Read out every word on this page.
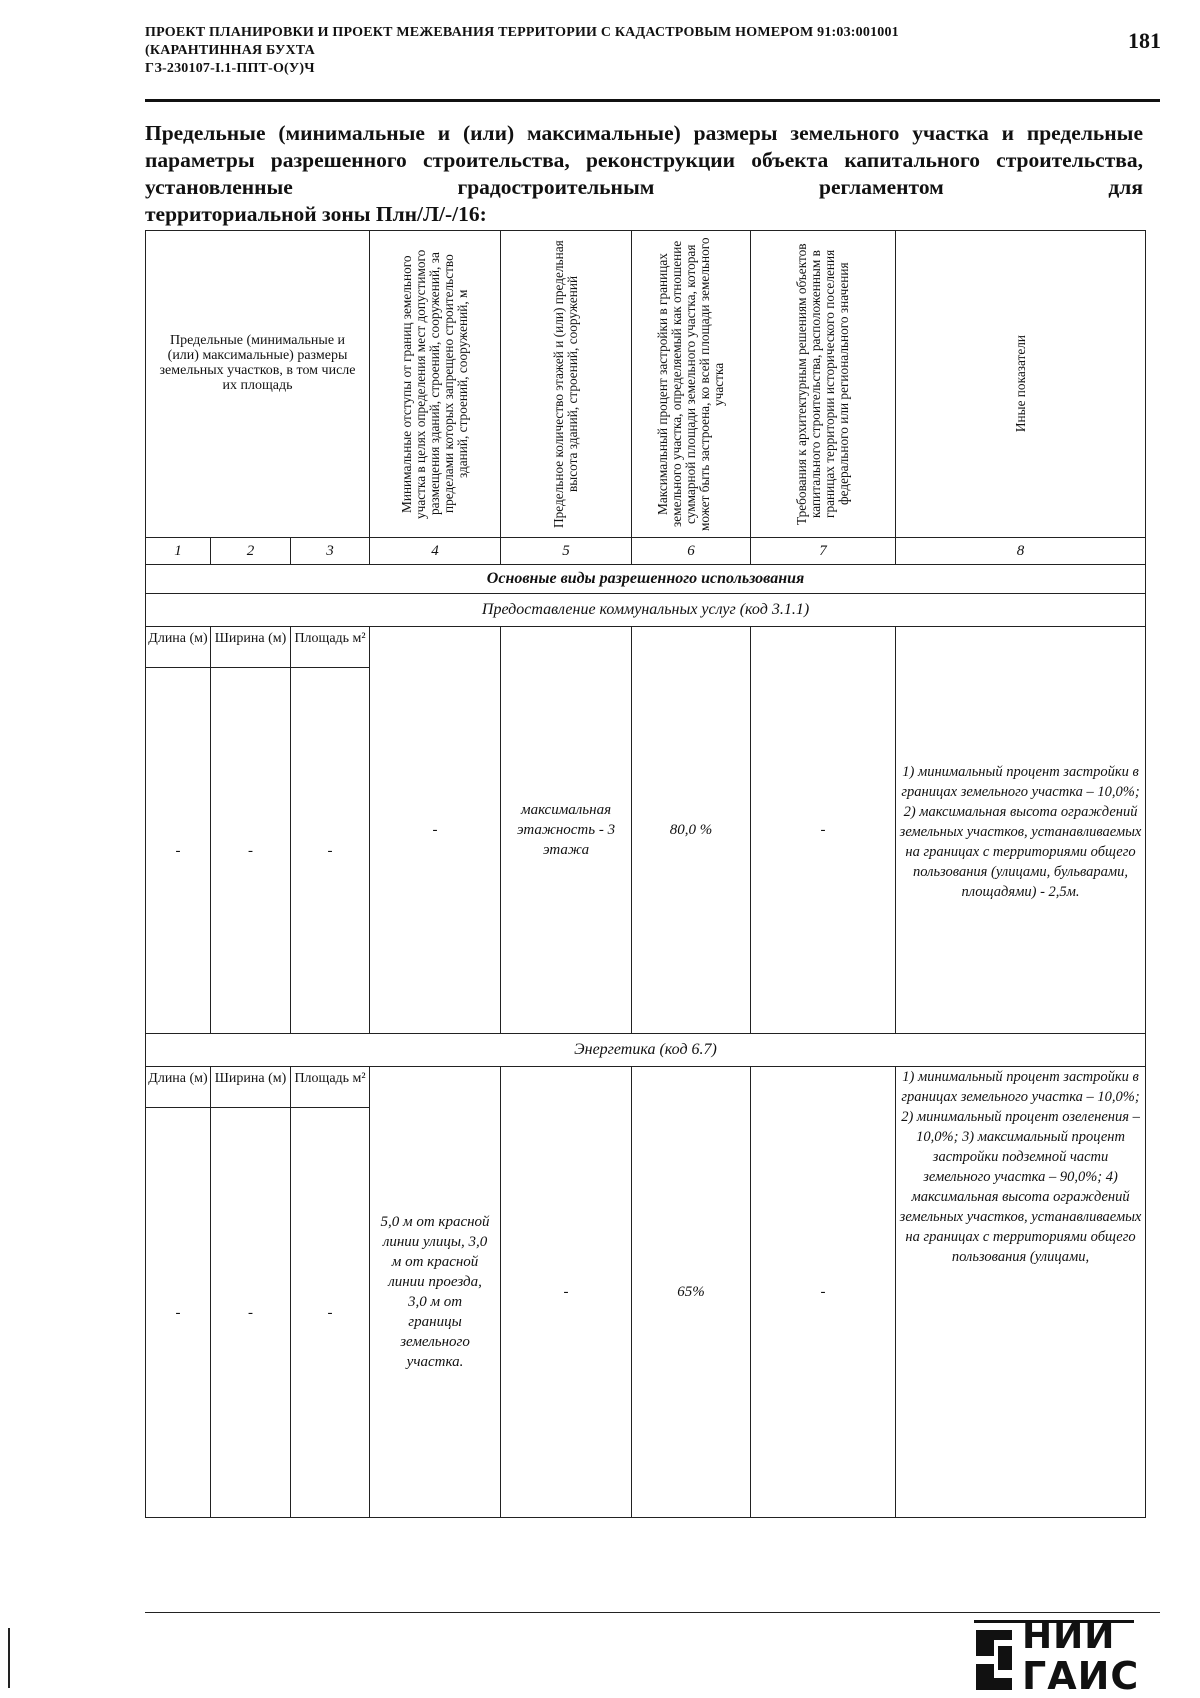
ПРОЕКТ ПЛАНИРОВКИ И ПРОЕКТ МЕЖЕВАНИЯ ТЕРРИТОРИИ С КАДАСТРОВЫМ НОМЕРОМ 91:03:001001
(КАРАНТИННАЯ БУХТА
ГЗ-230107-I.1-ППТ-О(У)Ч
181
Предельные (минимальные и (или) максимальные) размеры земельного участка и предельные параметры разрешенного строительства, реконструкции объекта капитального строительства, установленные градостроительным регламентом для
территориальной зоны Плн/Л/-/16:
Предельные (минимальные и (или) максимальные) размеры земельных участков, в том числе их площадь			Минимальные отступы от границ земельного участка в целях определения мест допустимого размещения зданий, строений, сооружений, за пределами которых запрещено строительство зданий, строений, сооружений, м	Предельное количество этажей и (или) предельная высота зданий, строений, сооружений	Максимальный процент застройки в границах земельного участка, определяемый как отношение суммарной площади земельного участка, которая может быть застроена, ко всей площади земельного участка	Требования к архитектурным решениям объектов капитального строительства, расположенным в границах территории исторического поселения федерального или регионального значения	Иные показатели

1	2	3	4	5	6	7	8
Основные виды разрешенного использования							
Предоставление коммунальных услуг (код 3.1.1)							
Длина (м)	Ширина (м)	Площадь м²	-	максимальная этажность - 3 этажа	80,0 %	-	1) минимальный процент застройки в границах земельного участка – 10,0%; 2) максимальная высота ограждений земельных участков, устанавливаемых на границах с территориями общего пользования (улицами, бульварами, площадями) - 2,5м.
-	-	-					
Энергетика (код 6.7)							
Длина (м)	Ширина (м)	Площадь м²	5,0 м от красной линии улицы, 3,0 м от красной линии проезда, 3,0 м от границы земельного участка.	-	65%	-	1) минимальный процент застройки в границах земельного участка – 10,0%; 2) минимальный процент озеленения – 10,0%; 3) максимальный процент застройки подземной части земельного участка – 90,0%; 4) максимальная высота ограждений земельных участков, устанавливаемых на границах с территориями общего пользования (улицами,
-	-	-					
НИИ
ГАИС
